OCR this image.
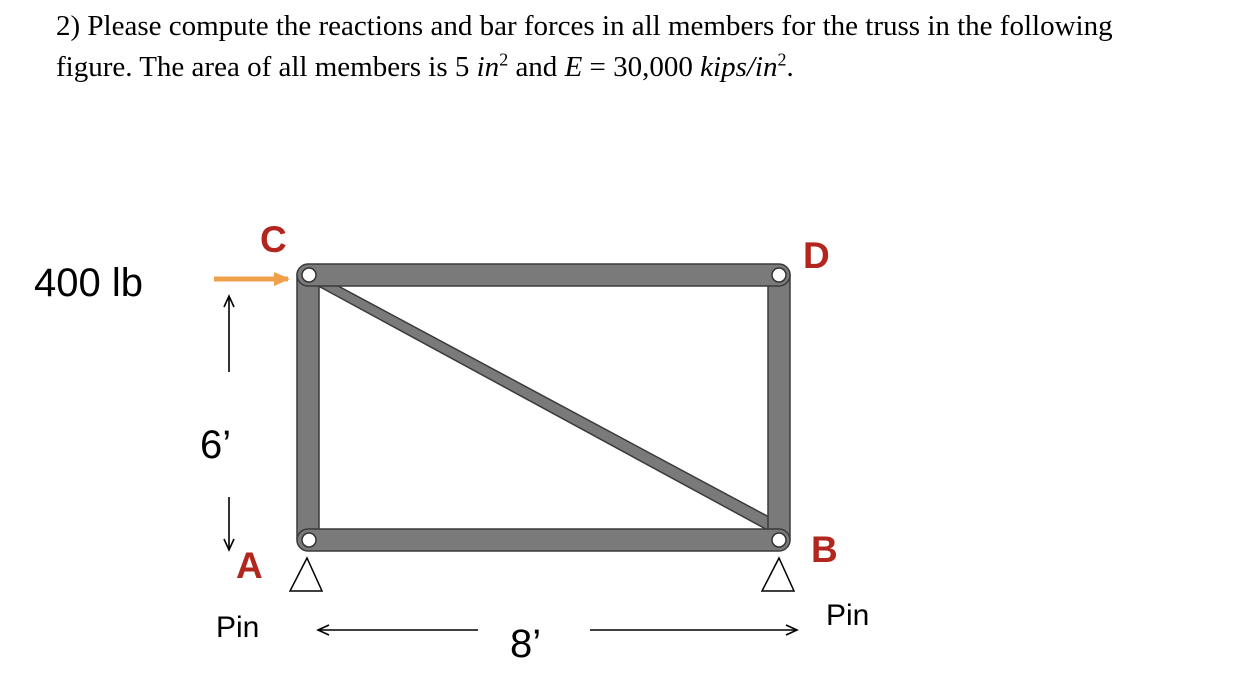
2) Please compute the reactions and bar forces in all members for the truss in the following
figure. The area of all members is 5 $in^2$ and E = 30,000 kips/$in^2$.
400 lb
6’
8’
Pin	Pin
C	D
A	B
